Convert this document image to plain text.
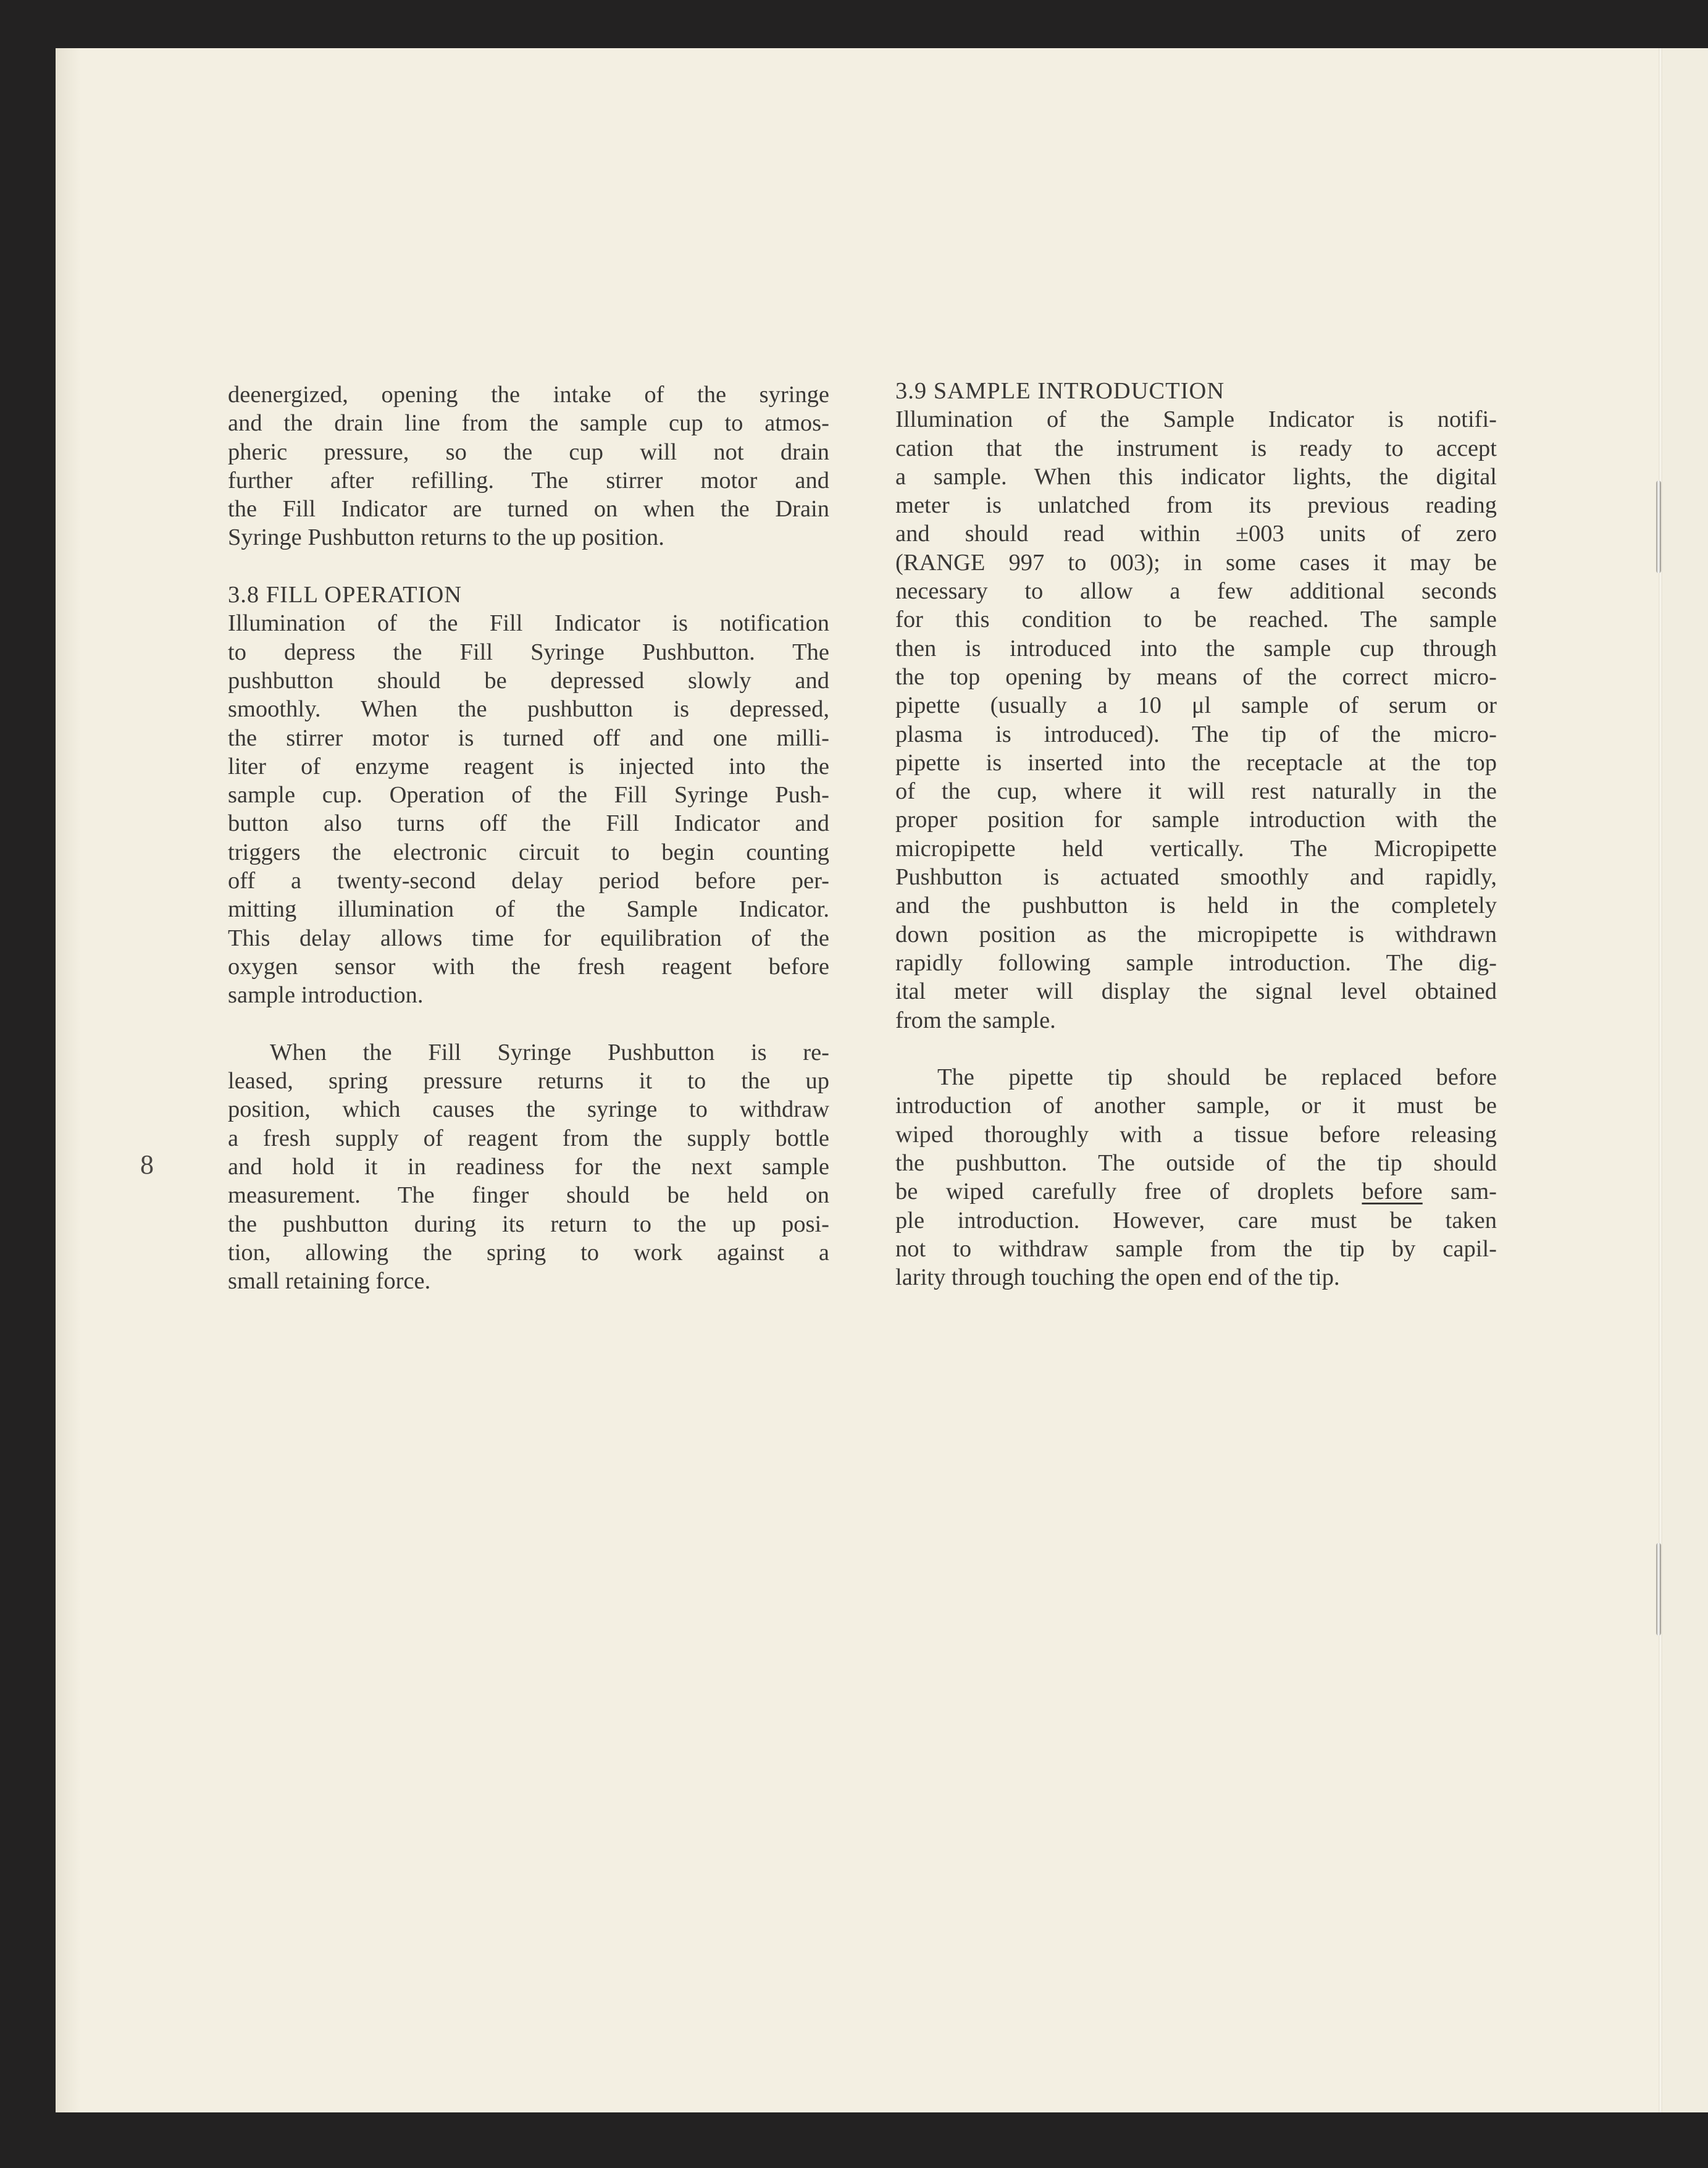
8
deenergized, opening the intake of the syringe
and the drain line from the sample cup to atmos-
pheric pressure, so the cup will not drain
further after refilling. The stirrer motor and
the Fill Indicator are turned on when the Drain
Syringe Pushbutton returns to the up position.
3.8 FILL OPERATION
Illumination of the Fill Indicator is notification
to depress the Fill Syringe Pushbutton. The
pushbutton should be depressed slowly and
smoothly. When the pushbutton is depressed,
the stirrer motor is turned off and one milli-
liter of enzyme reagent is injected into the
sample cup. Operation of the Fill Syringe Push-
button also turns off the Fill Indicator and
triggers the electronic circuit to begin counting
off a twenty-second delay period before per-
mitting illumination of the Sample Indicator.
This delay allows time for equilibration of the
oxygen sensor with the fresh reagent before
sample introduction.
When the Fill Syringe Pushbutton is re-
leased, spring pressure returns it to the up
position, which causes the syringe to withdraw
a fresh supply of reagent from the supply bottle
and hold it in readiness for the next sample
measurement. The finger should be held on
the pushbutton during its return to the up posi-
tion, allowing the spring to work against a
small retaining force.
3.9 SAMPLE INTRODUCTION
Illumination of the Sample Indicator is notifi-
cation that the instrument is ready to accept
a sample. When this indicator lights, the digital
meter is unlatched from its previous reading
and should read within ±003 units of zero
(RANGE 997 to 003); in some cases it may be
necessary to allow a few additional seconds
for this condition to be reached. The sample
then is introduced into the sample cup through
the top opening by means of the correct micro-
pipette (usually a 10 μl sample of serum or
plasma is introduced). The tip of the micro-
pipette is inserted into the receptacle at the top
of the cup, where it will rest naturally in the
proper position for sample introduction with the
micropipette held vertically. The Micropipette
Pushbutton is actuated smoothly and rapidly,
and the pushbutton is held in the completely
down position as the micropipette is withdrawn
rapidly following sample introduction. The dig-
ital meter will display the signal level obtained
from the sample.
The pipette tip should be replaced before
introduction of another sample, or it must be
wiped thoroughly with a tissue before releasing
the pushbutton. The outside of the tip should
be wiped carefully free of droplets before sam-
ple introduction. However, care must be taken
not to withdraw sample from the tip by capil-
larity through touching the open end of the tip.
